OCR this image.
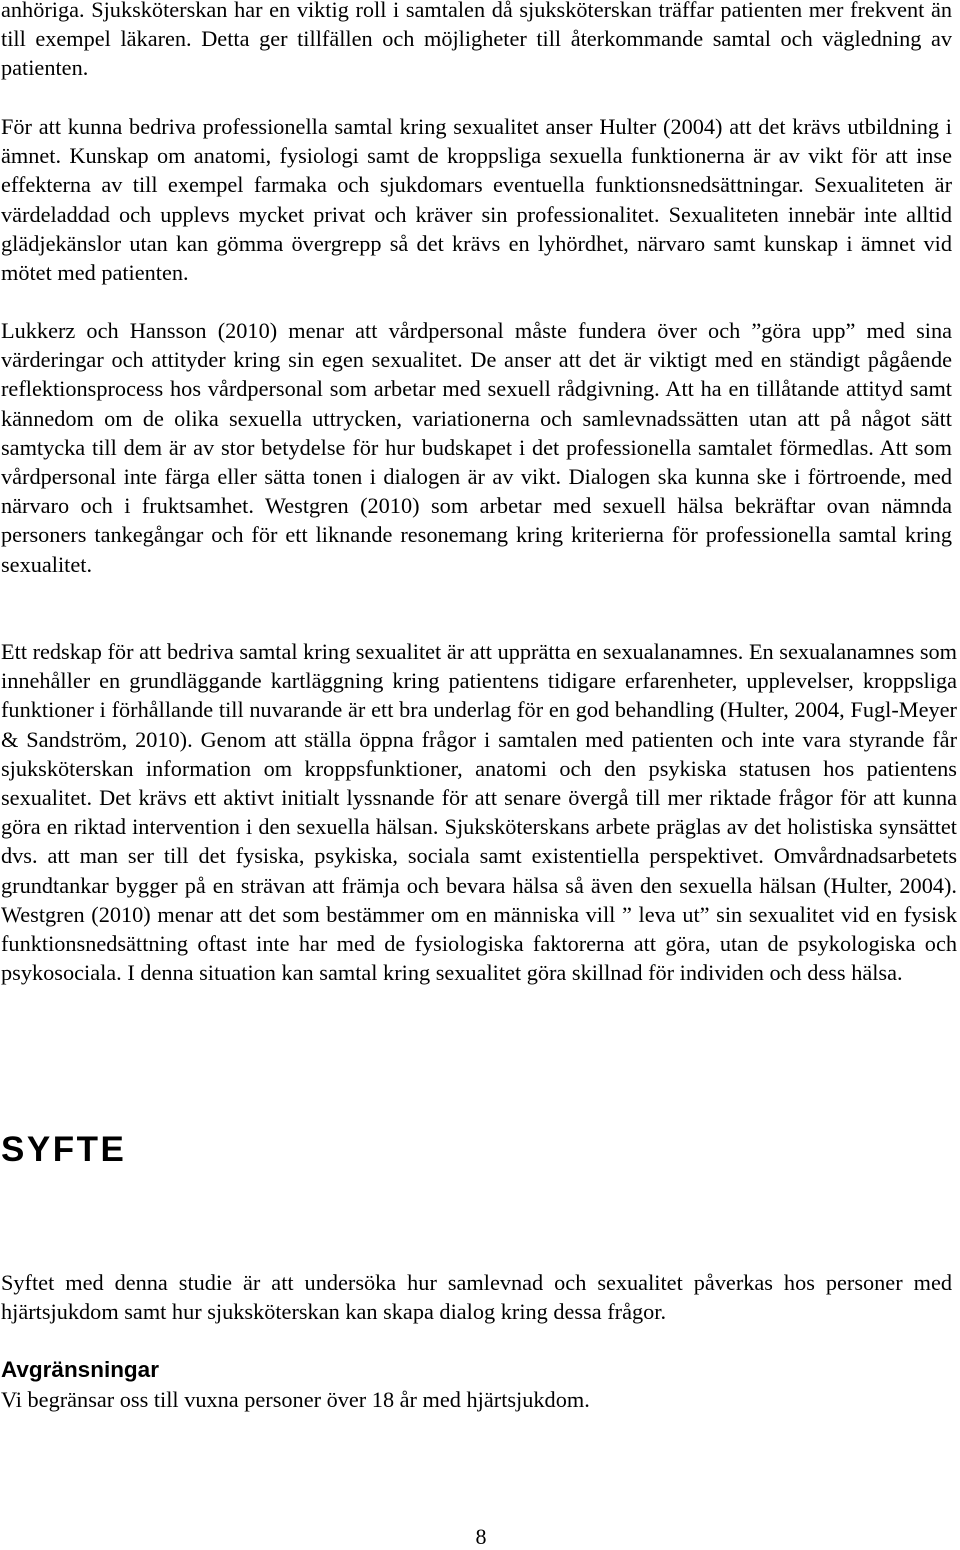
anhöriga. Sjuksköterskan har en viktig roll i samtalen då sjuksköterskan träffar patienten mer frekvent än till exempel läkaren. Detta ger tillfällen och möjligheter till återkommande samtal och vägledning av patienten.

För att kunna bedriva professionella samtal kring sexualitet anser Hulter (2004) att det krävs utbildning i ämnet. Kunskap om anatomi, fysiologi samt de kroppsliga sexuella funktionerna är av vikt för att inse effekterna av till exempel farmaka och sjukdomars eventuella funktionsnedsättningar. Sexualiteten är värdeladdad och upplevs mycket privat och kräver sin professionalitet. Sexualiteten innebär inte alltid glädjekänslor utan kan gömma övergrepp så det krävs en lyhördhet, närvaro samt kunskap i ämnet vid mötet med patienten.

Lukkerz och Hansson (2010) menar att vårdpersonal måste fundera över och ”göra upp” med sina värderingar och attityder kring sin egen sexualitet. De anser att det är viktigt med en ständigt pågående reflektionsprocess hos vårdpersonal som arbetar med sexuell rådgivning. Att ha en tillåtande attityd samt kännedom om de olika sexuella uttrycken, variationerna och samlevnadssätten utan att på något sätt samtycka till dem är av stor betydelse för hur budskapet i det professionella samtalet förmedlas. Att som vårdpersonal inte färga eller sätta tonen i dialogen är av vikt. Dialogen ska kunna ske i förtroende, med närvaro och i fruktsamhet. Westgren (2010) som arbetar med sexuell hälsa bekräftar ovan nämnda personers tankegångar och för ett liknande resonemang kring kriterierna för professionella samtal kring sexualitet.

Ett redskap för att bedriva samtal kring sexualitet är att upprätta en sexualanamnes. En sexualanamnes som innehåller en grundläggande kartläggning kring patientens tidigare erfarenheter, upplevelser, kroppsliga funktioner i förhållande till nuvarande är ett bra underlag för en god behandling (Hulter, 2004, Fugl-Meyer & Sandström, 2010). Genom att ställa öppna frågor i samtalen med patienten och inte vara styrande får sjuksköterskan information om kroppsfunktioner, anatomi och den psykiska statusen hos patientens sexualitet. Det krävs ett aktivt initialt lyssnande för att senare övergå till mer riktade frågor för att kunna göra en riktad intervention i den sexuella hälsan. Sjuksköterskans arbete präglas av det holistiska synsättet dvs. att man ser till det fysiska, psykiska, sociala samt existentiella perspektivet. Omvårdnadsarbetets grundtankar bygger på en strävan att främja och bevara hälsa så även den sexuella hälsan (Hulter, 2004). Westgren (2010) menar att det som bestämmer om en människa vill ” leva ut” sin sexualitet vid en fysisk funktionsnedsättning oftast inte har med de fysiologiska faktorerna att göra, utan de psykologiska och psykosociala. I denna situation kan samtal kring sexualitet göra skillnad för individen och dess hälsa.

SYFTE

Syftet med denna studie är att undersöka hur samlevnad och sexualitet påverkas hos personer med hjärtsjukdom samt hur sjuksköterskan kan skapa dialog kring dessa frågor.

Avgränsningar

Vi begränsar oss till vuxna personer över 18 år med hjärtsjukdom.

8
